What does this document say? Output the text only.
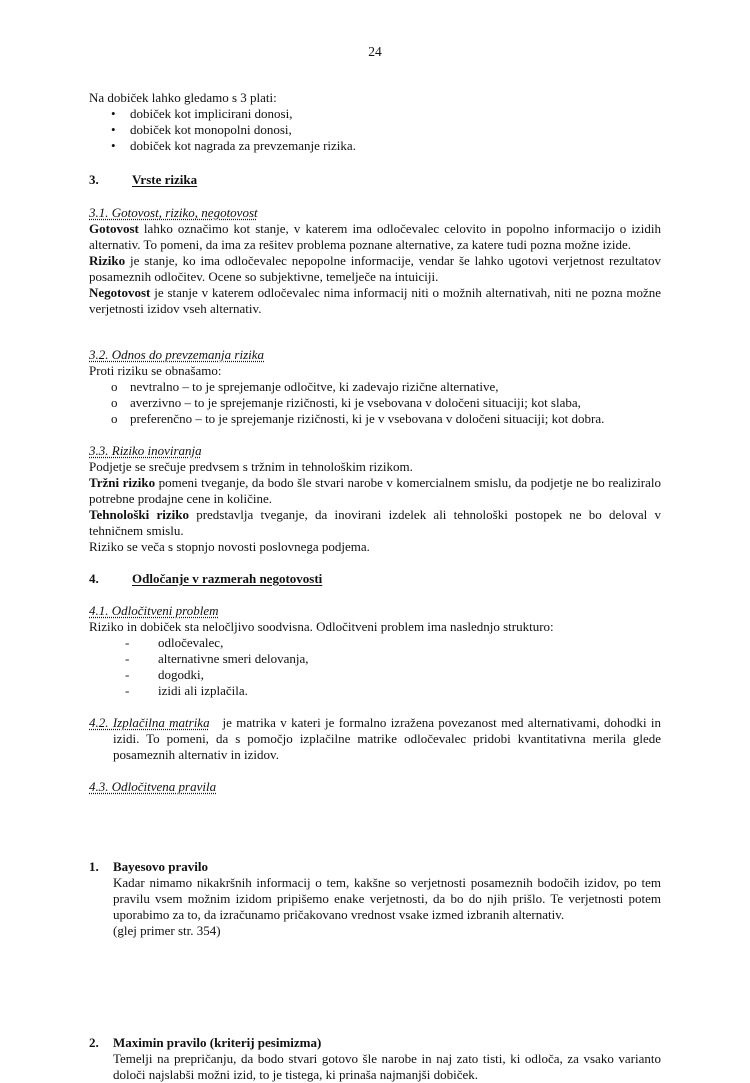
24

Na dobiček lahko gledamo s 3 plati:

• dobiček kot implicirani donosi,
• dobiček kot monopolni donosi,
• dobiček kot nagrada za prevzemanje rizika.
3.	Vrste rizika

3.1. Gotovost, riziko, negotovost

Gotovost lahko označimo kot stanje, v katerem ima odločevalec celovito in popolno informacijo o izidih alternativ. To pomeni, da ima za rešitev problema poznane alternative, za katere tudi pozna možne izide.

Riziko je stanje, ko ima odločevalec nepopolne informacije, vendar še lahko ugotovi verjetnost rezultatov posameznih odločitev. Ocene so subjektivne, temelječe na intuiciji.

Negotovost je stanje v katerem odločevalec nima informacij niti o možnih alternativah, niti ne pozna možne verjetnosti izidov vseh alternativ.

3.2. Odnos do prevzemanja rizika

Proti riziku se obnašamo:

o nevtralno – to je sprejemanje odločitve, ki zadevajo rizične alternative,
o averzivno – to je sprejemanje rizičnosti, ki je vsebovana v določeni situaciji; kot slaba,
o preferenčno – to je sprejemanje rizičnosti, ki je v vsebovana v določeni situaciji; kot dobra.

3.3. Riziko inoviranja

Podjetje se srečuje predvsem s tržnim in tehnološkim rizikom.

Tržni riziko pomeni tveganje, da bodo šle stvari narobe v komercialnem smislu, da podjetje ne bo realiziralo potrebne prodajne cene in količine.

Tehnološki riziko predstavlja tveganje, da inovirani izdelek ali tehnološki postopek ne bo deloval v tehničnem smislu.

Riziko se veča s stopnjo novosti poslovnega podjema.

4.	Odločanje v razmerah negotovosti

4.1. Odločitveni problem

Riziko in dobiček sta neločljivo soodvisna. Odločitveni problem ima naslednjo strukturo:

- odločevalec,
- alternativne smeri delovanja,
- dogodki,
- izidi ali izplačila.

4.2. Izplačilna matrika je matrika v kateri je formalno izražena povezanost med alternativami, dohodki in izidi. To pomeni, da s pomočjo izplačilne matrike odločevalec pridobi kvantitativna merila glede posameznih alternativ in izidov.

4.3. Odločitvena pravila

1. Bayesovo pravilo

Kadar nimamo nikakršnih informacij o tem, kakšne so verjetnosti posameznih bodočih izidov, po tem pravilu vsem možnim izidom pripišemo enake verjetnosti, da bo do njih prišlo. Te verjetnosti potem uporabimo za to, da izračunamo pričakovano vrednost vsake izmed izbranih alternativ.

(glej primer str. 354)

2. Maximin pravilo (kriterij pesimizma)

Temelji na prepričanju, da bodo stvari gotovo šle narobe in naj zato tisti, ki odloča, za vsako varianto določi najslabši možni izid, to je tistega, ki prinaša najmanjši dobiček.
